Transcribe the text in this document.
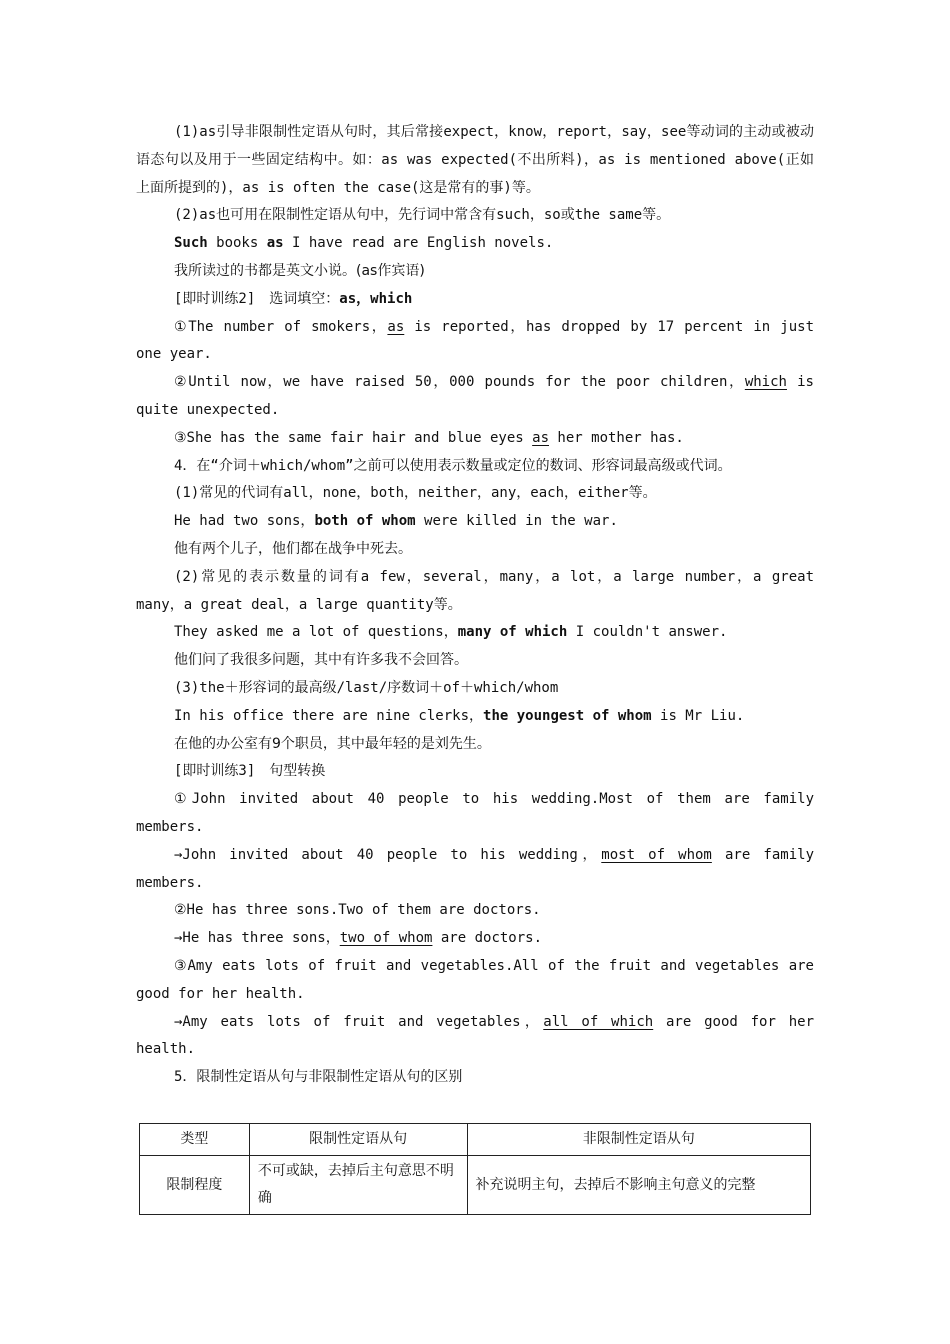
(1)as引导非限制性定语从句时，其后常接expect，know，report，say，see等动词的主动或被动语态句以及用于一些固定结构中。如：as was expected(不出所料)，as is mentioned above(正如上面所提到的)，as is often the case(这是常有的事)等。

(2)as也可用在限制性定语从句中，先行词中常含有such，so或the same等。

Such books as I have read are English novels.

我所读过的书都是英文小说。(as作宾语)

[即时训练2]　选词填空：as，which

①The number of smokers，as is reported，has dropped by 17 percent in just one year.

②Until now，we have raised 50，000 pounds for the poor children，which is quite unexpected.

③She has the same fair hair and blue eyes as her mother has.

4．在“介词＋which/whom”之前可以使用表示数量或定位的数词、形容词最高级或代词。

(1)常见的代词有all，none，both，neither，any，each，either等。

He had two sons，both of whom were killed in the war.

他有两个儿子，他们都在战争中死去。

(2)常见的表示数量的词有a few，several，many，a lot，a large number，a great many，a great deal，a large quantity等。

They asked me a lot of questions，many of which I couldn't answer.

他们问了我很多问题，其中有许多我不会回答。

(3)the＋形容词的最高级/last/序数词＋of＋which/whom

In his office there are nine clerks，the youngest of whom is Mr Liu.

在他的办公室有9个职员，其中最年轻的是刘先生。

[即时训练3]　句型转换

①John invited about 40 people to his wedding.Most of them are family members.

→John invited about 40 people to his wedding，most of whom are family members.

②He has three sons.Two of them are doctors.

→He has three sons，two of whom are doctors.

③Amy eats lots of fruit and vegetables.All of the fruit and vegetables are good for her health.

→Amy eats lots of fruit and vegetables，all of which are good for her health.

5．限制性定语从句与非限制性定语从句的区别

类型	限制性定语从句	非限制性定语从句
限制程度	不可或缺，去掉后主句意思不明确	补充说明主句，去掉后不影响主句意义的完整
